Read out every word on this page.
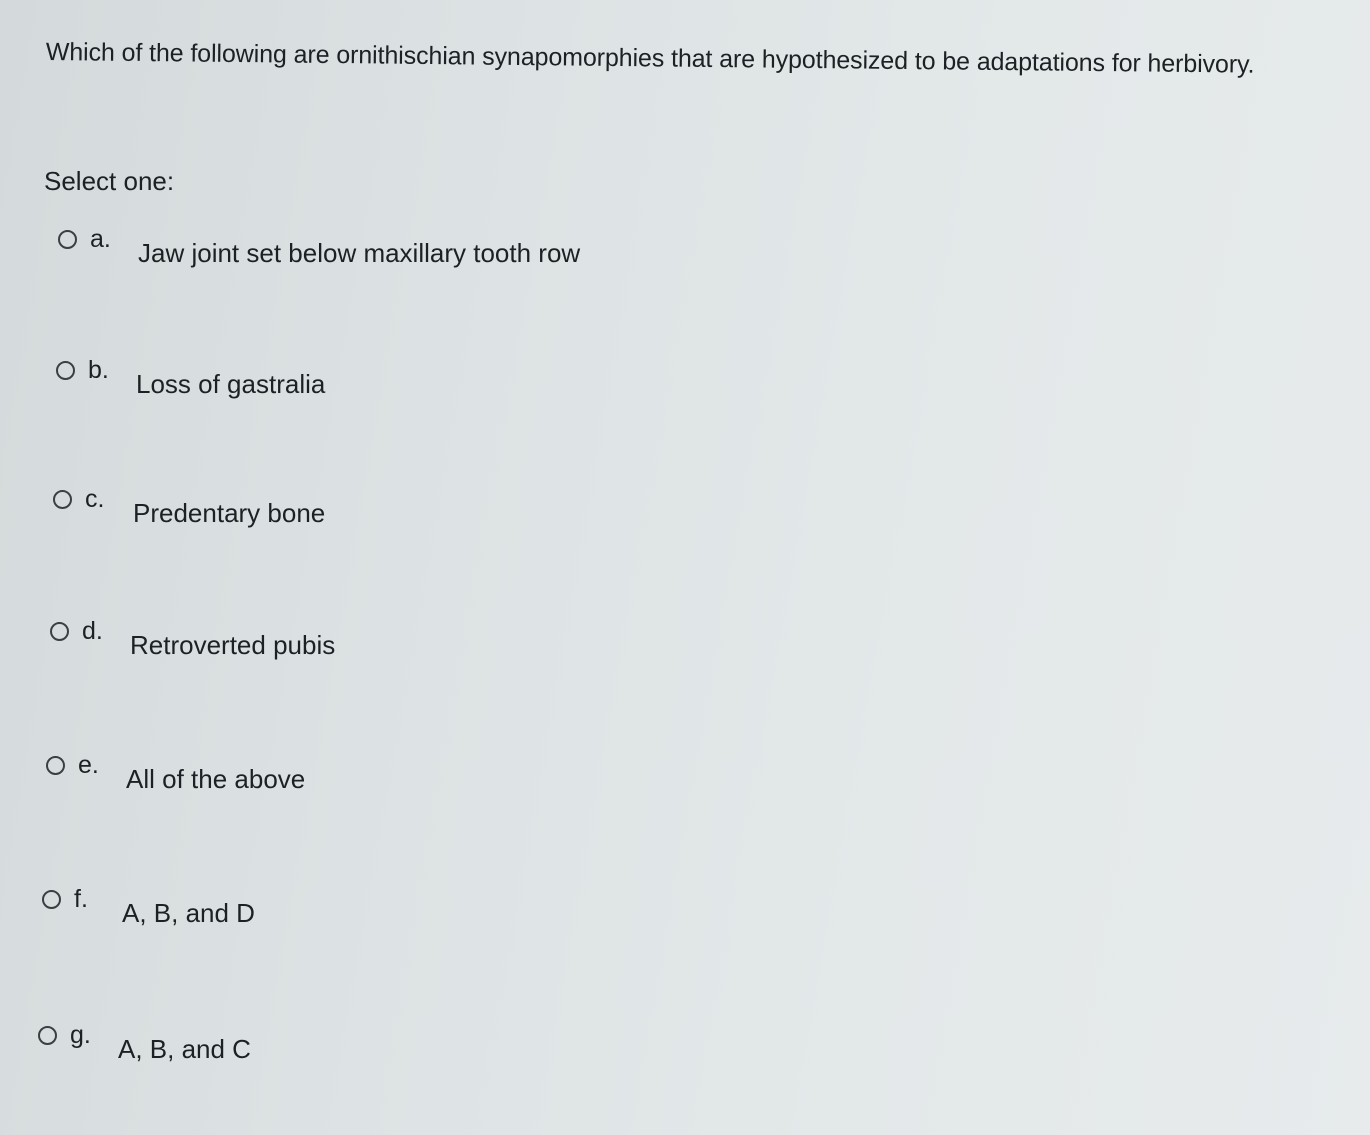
Which of the following are ornithischian synapomorphies that are hypothesized to be adaptations for herbivory.
Select one:
a.	Jaw joint set below maxillary tooth row
b.	Loss of gastralia
c.	Predentary bone
d.	Retroverted pubis
e.	All of the above
f.	A, B, and D
g.	A, B, and C
